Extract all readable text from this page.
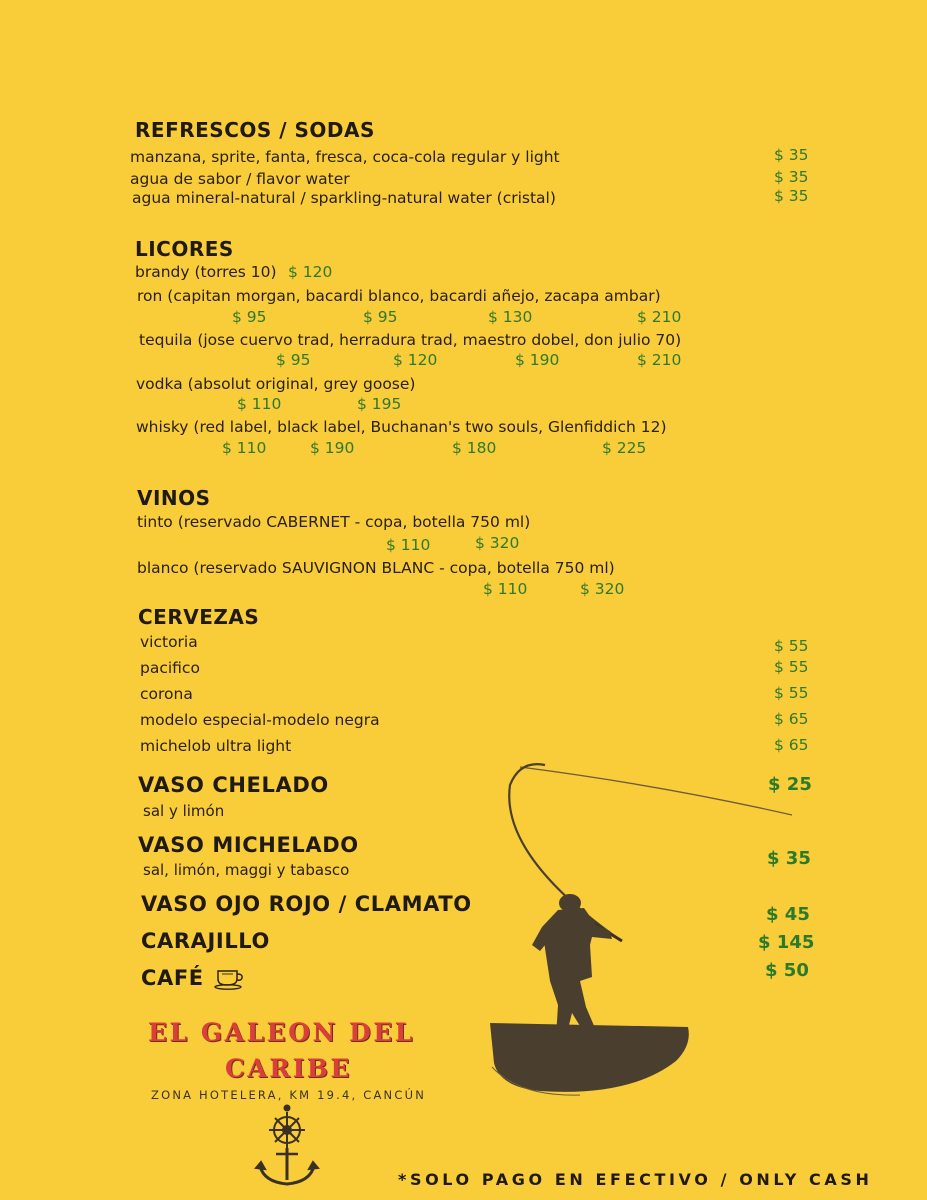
REFRESCOS / SODAS
manzana, sprite, fanta, fresca, coca-cola regular y light	$ 35
agua de sabor / flavor water	$ 35
agua mineral-natural / sparkling-natural water (cristal)	$ 35
LICORES
brandy (torres 10) $ 120
ron (capitan morgan, bacardi blanco, bacardi añejo, zacapa ambar)
$ 95	$ 95	$ 130	$ 210
tequila (jose cuervo trad, herradura trad, maestro dobel, don julio 70)
$ 95	$ 120	$ 190	$ 210
vodka (absolut original, grey goose)
$ 110	$ 195
whisky (red label, black label, Buchanan's two souls, Glenfiddich 12)
$ 110	$ 190	$ 180	$ 225
VINOS
tinto (reservado CABERNET - copa, botella 750 ml)
$ 110	$ 320
blanco (reservado SAUVIGNON BLANC - copa, botella 750 ml)
$ 110	$ 320
CERVEZAS
victoria	$ 55
pacifico	$ 55
corona	$ 55
modelo especial-modelo negra	$ 65
michelob ultra light	$ 65
VASO CHELADO
sal y limón
$ 25
VASO MICHELADO
sal, limón, maggi y tabasco
$ 35
VASO OJO ROJO / CLAMATO	$ 45
CARAJILLO	$ 145
CAFÉ	$ 50
EL GALEON DEL
CARIBE
ZONA HOTELERA, KM 19.4, CANCÚN
*SOLO PAGO EN EFECTIVO / ONLY CASH
